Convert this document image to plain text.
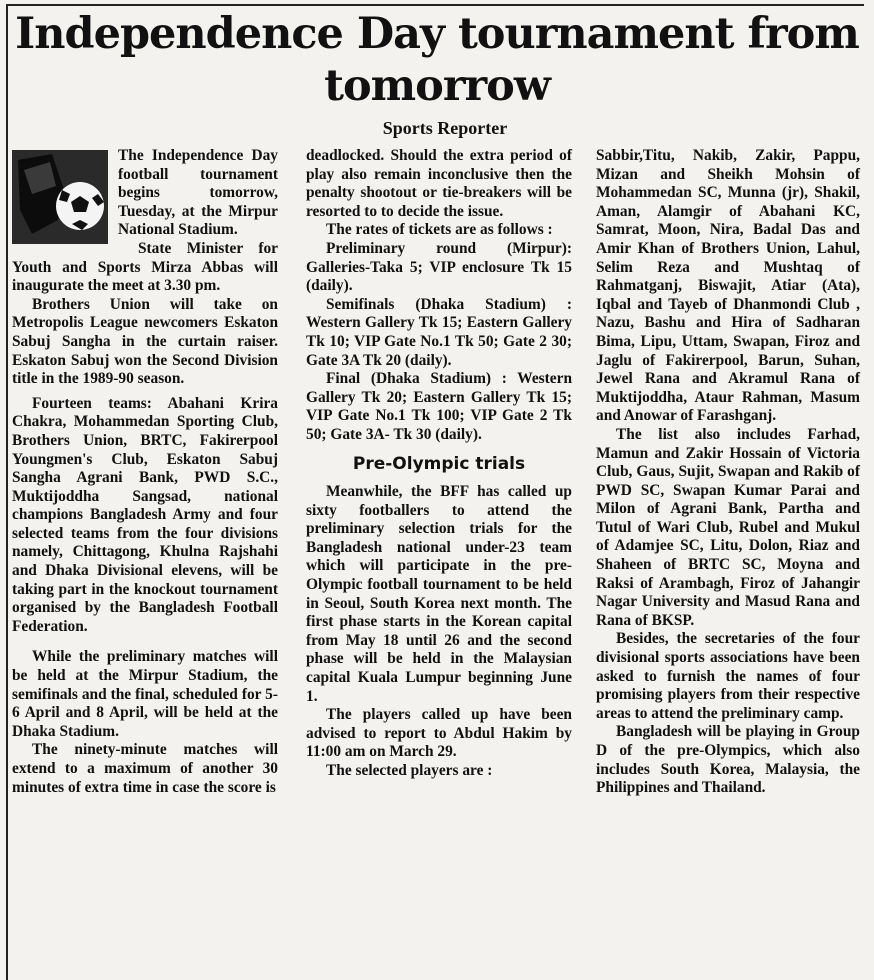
Independence Day tournament from tomorrow
Sports Reporter

The Independence Day football tournament begins tomorrow, Tuesday, at the Mirpur National Stadium.

State Minister for Youth and Sports Mirza Abbas will inaugurate the meet at 3.30 pm.

Brothers Union will take on Metropolis League newcomers Eskaton Sabuj Sangha in the curtain raiser. Eskaton Sabuj won the Second Division title in the 1989-90 season.

Fourteen teams: Abahani Krira Chakra, Mohammedan Sporting Club, Brothers Union, BRTC, Fakirerpool Youngmen's Club, Eskaton Sabuj Sangha Agrani Bank, PWD S.C., Muktijoddha Sangsad, national champions Bangladesh Army and four selected teams from the four divisions namely, Chittagong, Khulna Rajshahi and Dhaka Divisional elevens, will be taking part in the knockout tournament organised by the Bangladesh Football Federation.

While the preliminary matches will be held at the Mirpur Stadium, the semifinals and the final, scheduled for 5-6 April and 8 April, will be held at the Dhaka Stadium.

The ninety-minute matches will extend to a maximum of another 30 minutes of extra time in case the score is

deadlocked. Should the extra period of play also remain inconclusive then the penalty shootout or tie-breakers will be resorted to to decide the issue.

The rates of tickets are as follows :

Preliminary round (Mirpur): Galleries-Taka 5; VIP enclosure Tk 15 (daily).

Semifinals (Dhaka Stadium) : Western Gallery Tk 15; Eastern Gallery Tk 10; VIP Gate No.1 Tk 50; Gate 2 30; Gate 3A Tk 20 (daily).

Final (Dhaka Stadium) : Western Gallery Tk 20; Eastern Gallery Tk 15; VIP Gate No.1 Tk 100; VIP Gate 2 Tk 50; Gate 3A- Tk 30 (daily).

Pre-Olympic trials

Meanwhile, the BFF has called up sixty footballers to attend the preliminary selection trials for the Bangladesh national under-23 team which will participate in the pre-Olympic football tournament to be held in Seoul, South Korea next month. The first phase starts in the Korean capital from May 18 until 26 and the second phase will be held in the Malaysian capital Kuala Lumpur beginning June 1.

The players called up have been advised to report to Abdul Hakim by 11:00 am on March 29.

The selected players are :

Sabbir,Titu, Nakib, Zakir, Pappu, Mizan and Sheikh Mohsin of Mohammedan SC, Munna (jr), Shakil, Aman, Alamgir of Abahani KC, Samrat, Moon, Nira, Badal Das and Amir Khan of Brothers Union, Lahul, Selim Reza and Mushtaq of Rahmatganj, Biswajit, Atiar (Ata), Iqbal and Tayeb of Dhanmondi Club , Nazu, Bashu and Hira of Sadharan Bima, Lipu, Uttam, Swapan, Firoz and Jaglu of Fakirerpool, Barun, Suhan, Jewel Rana and Akramul Rana of Muktijoddha, Ataur Rahman, Masum and Anowar of Farashganj.

The list also includes Farhad, Mamun and Zakir Hossain of Victoria Club, Gaus, Sujit, Swapan and Rakib of PWD SC, Swapan Kumar Parai and Milon of Agrani Bank, Partha and Tutul of Wari Club, Rubel and Mukul of Adamjee SC, Litu, Dolon, Riaz and Shaheen of BRTC SC, Moyna and Raksi of Arambagh, Firoz of Jahangir Nagar University and Masud Rana and Rana of BKSP.

Besides, the secretaries of the four divisional sports associations have been asked to furnish the names of four promising players from their respective areas to attend the preliminary camp.

Bangladesh will be playing in Group D of the pre-Olympics, which also includes South Korea, Malaysia, the Philippines and Thailand.
